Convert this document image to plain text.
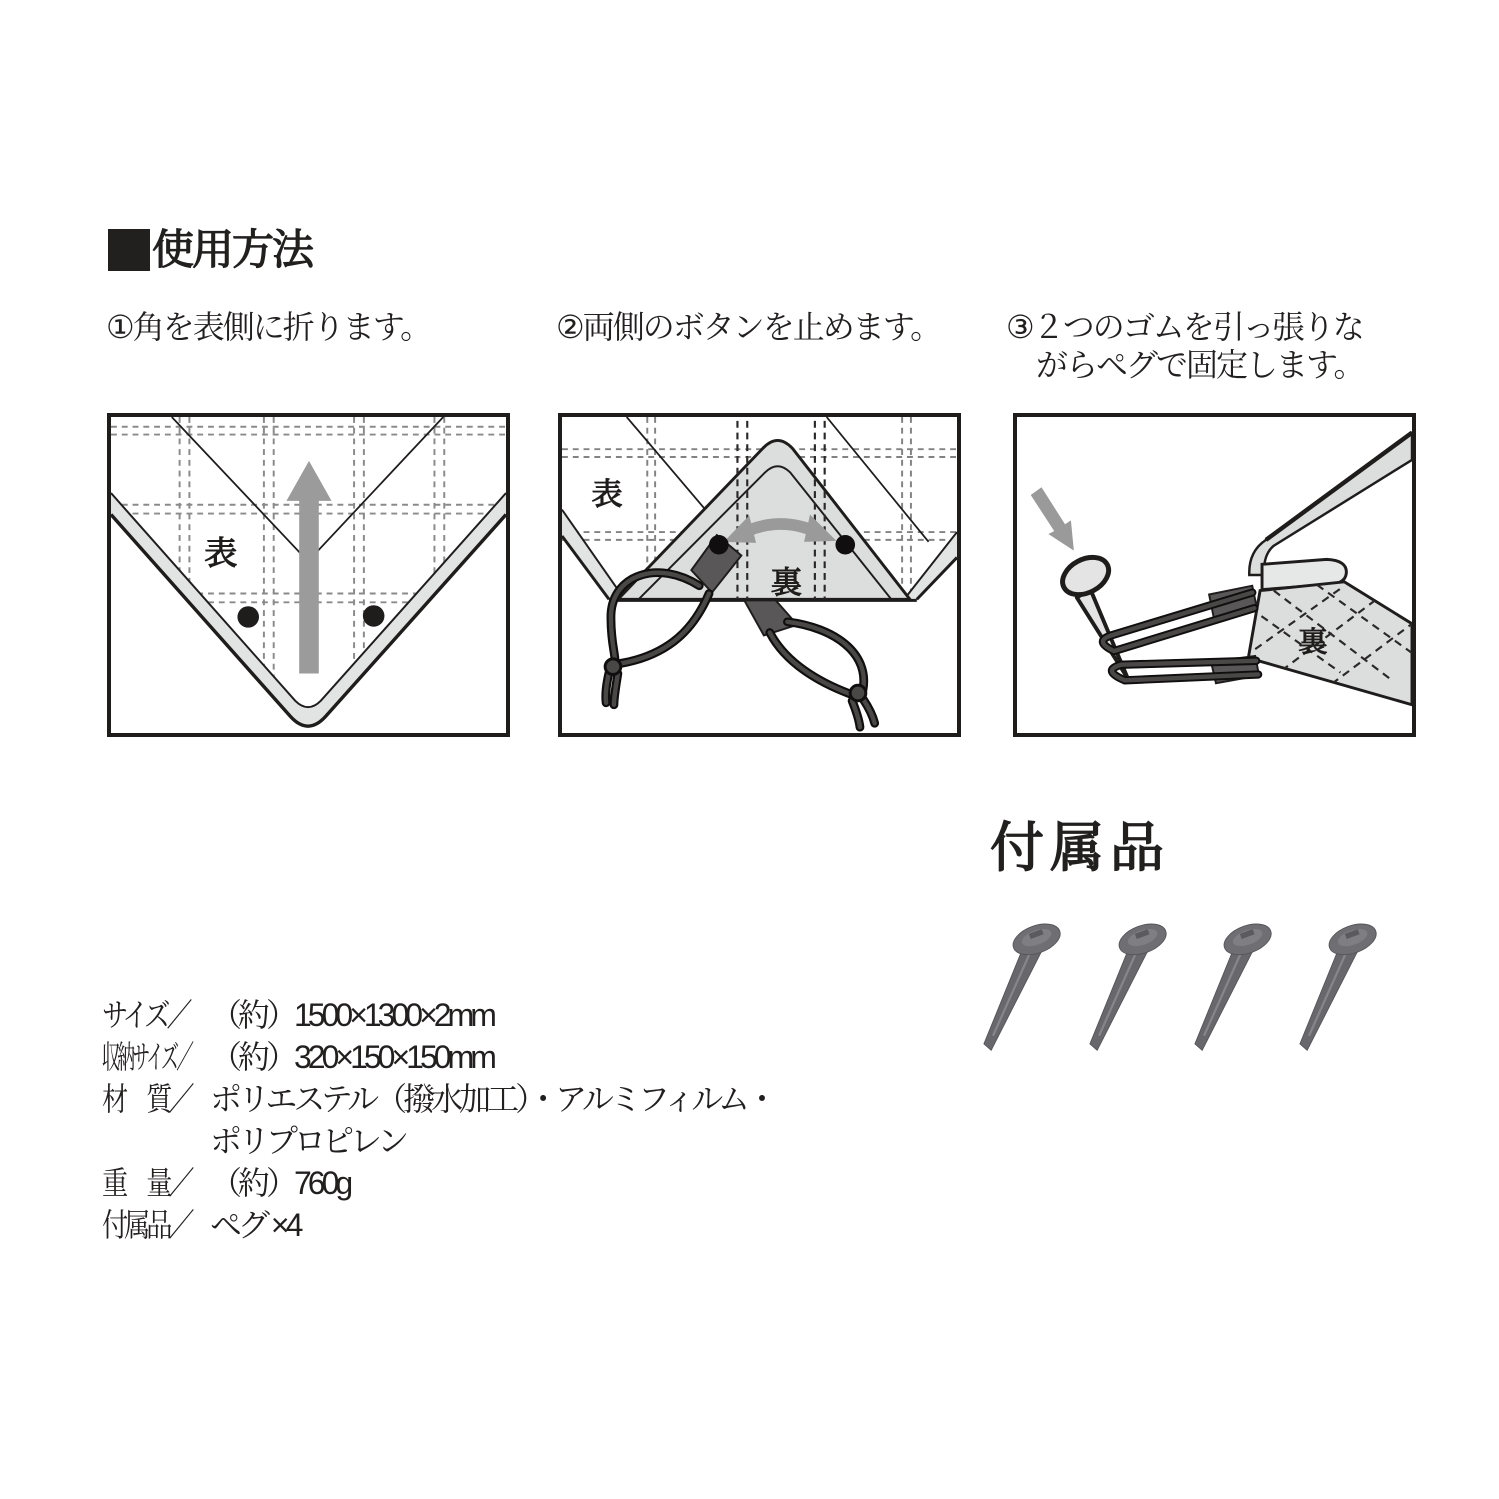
使用方法
①角を表側に折ります。	②両側のボタンを止めます。 ③２つのゴムを引っ張りな
がらペグで固定します。
表
表
裏
裏
付属品
サイズ／ （約）1500×1300×2mm
収納サイズ／ （約）320×150×150mm
材　質／ ポリエステル（撥水加工）・アルミフィルム・
ポリプロピレン
重　量／ （約）760g
付属品／ ペグ ×4
